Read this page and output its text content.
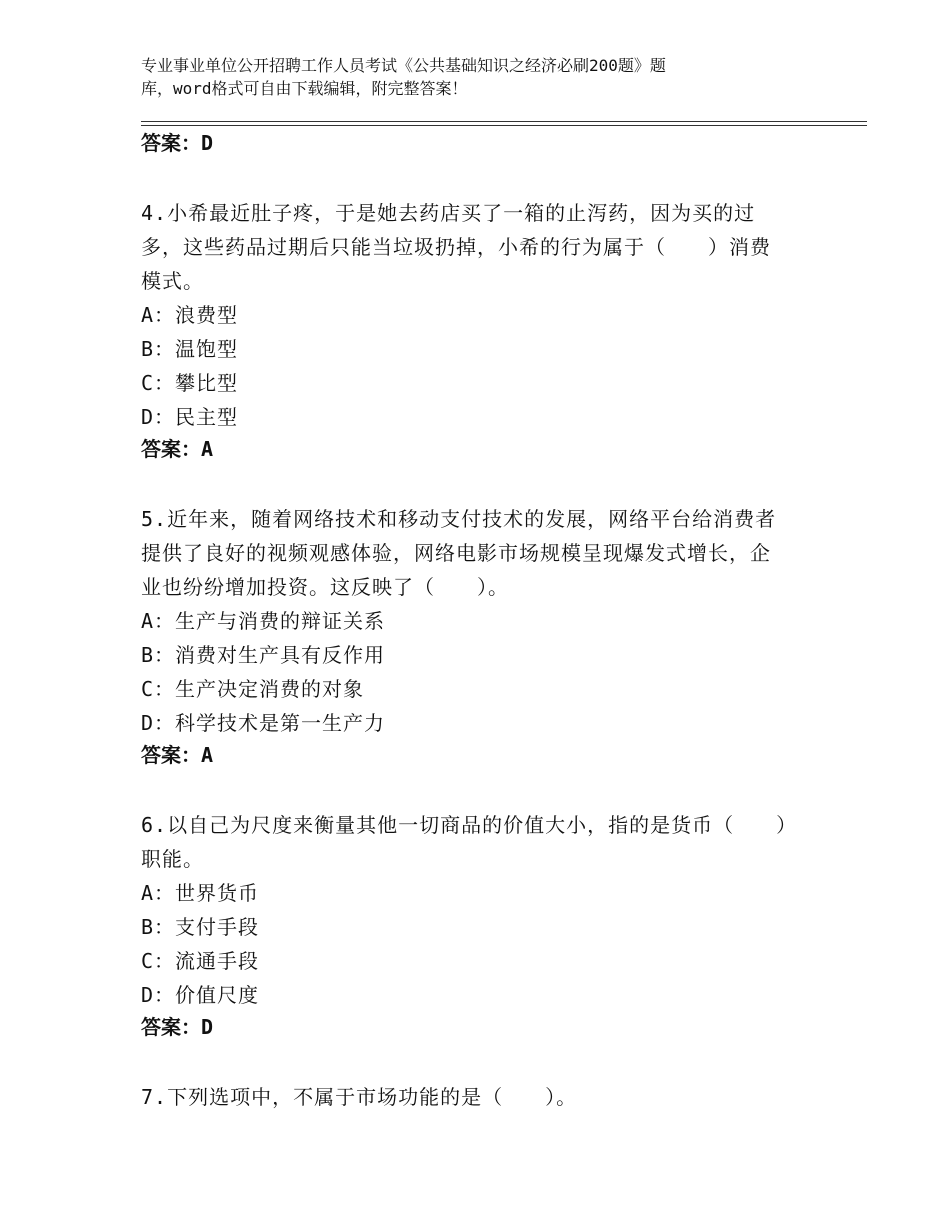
专业事业单位公开招聘工作人员考试《公共基础知识之经济必刷200题》题
库，word格式可自由下载编辑，附完整答案！
答案：D
4.小希最近肚子疼，于是她去药店买了一箱的止泻药，因为买的过
多，这些药品过期后只能当垃圾扔掉，小希的行为属于（　　）消费
模式。
A：浪费型
B：温饱型
C：攀比型
D：民主型
答案：A
5.近年来，随着网络技术和移动支付技术的发展，网络平台给消费者
提供了良好的视频观感体验，网络电影市场规模呈现爆发式增长，企
业也纷纷增加投资。这反映了（　　）。
A：生产与消费的辩证关系
B：消费对生产具有反作用
C：生产决定消费的对象
D：科学技术是第一生产力
答案：A
6.以自己为尺度来衡量其他一切商品的价值大小，指的是货币（　　）
职能。
A：世界货币
B：支付手段
C：流通手段
D：价值尺度
答案：D
7.下列选项中，不属于市场功能的是（　　）。
